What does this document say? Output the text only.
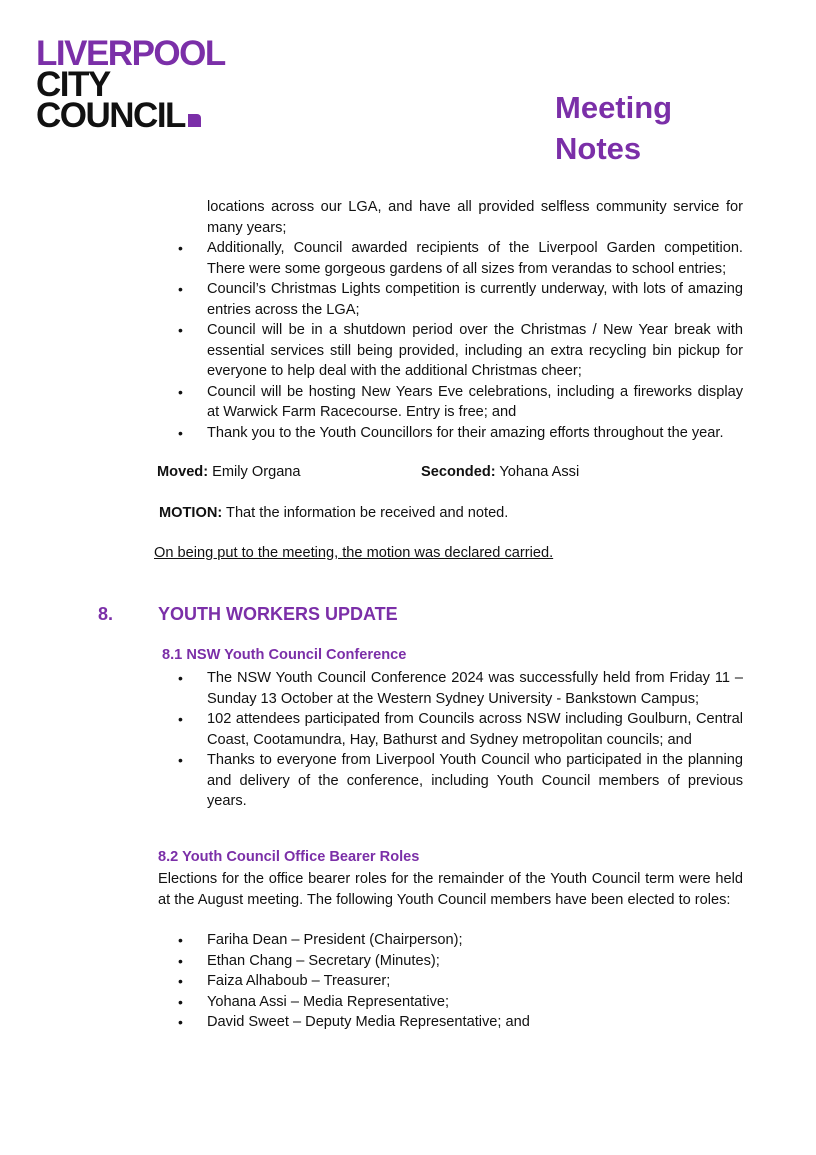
LIVERPOOL
CITY
COUNCIL	Meeting
Notes
locations across our LGA, and have all provided selfless community service for many years;
• Additionally, Council awarded recipients of the Liverpool Garden competition. There were some gorgeous gardens of all sizes from verandas to school entries;
• Council’s Christmas Lights competition is currently underway, with lots of amazing entries across the LGA;
• Council will be in a shutdown period over the Christmas / New Year break with essential services still being provided, including an extra recycling bin pickup for everyone to help deal with the additional Christmas cheer;
• Council will be hosting New Years Eve celebrations, including a fireworks display at Warwick Farm Racecourse. Entry is free; and
• Thank you to the Youth Councillors for their amazing efforts throughout the year.
Moved: Emily Organa	Seconded: Yohana Assi
MOTION: That the information be received and noted.
On being put to the meeting, the motion was declared carried.
8. YOUTH WORKERS UPDATE
8.1 NSW Youth Council Conference
• The NSW Youth Council Conference 2024 was successfully held from Friday 11 – Sunday 13 October at the Western Sydney University - Bankstown Campus;
• 102 attendees participated from Councils across NSW including Goulburn, Central Coast, Cootamundra, Hay, Bathurst and Sydney metropolitan councils; and
• Thanks to everyone from Liverpool Youth Council who participated in the planning and delivery of the conference, including Youth Council members of previous years.
8.2 Youth Council Office Bearer Roles
Elections for the office bearer roles for the remainder of the Youth Council term were held at the August meeting. The following Youth Council members have been elected to roles:
• Fariha Dean – President (Chairperson);
• Ethan Chang – Secretary (Minutes);
• Faiza Alhaboub – Treasurer;
• Yohana Assi – Media Representative;
• David Sweet – Deputy Media Representative; and
